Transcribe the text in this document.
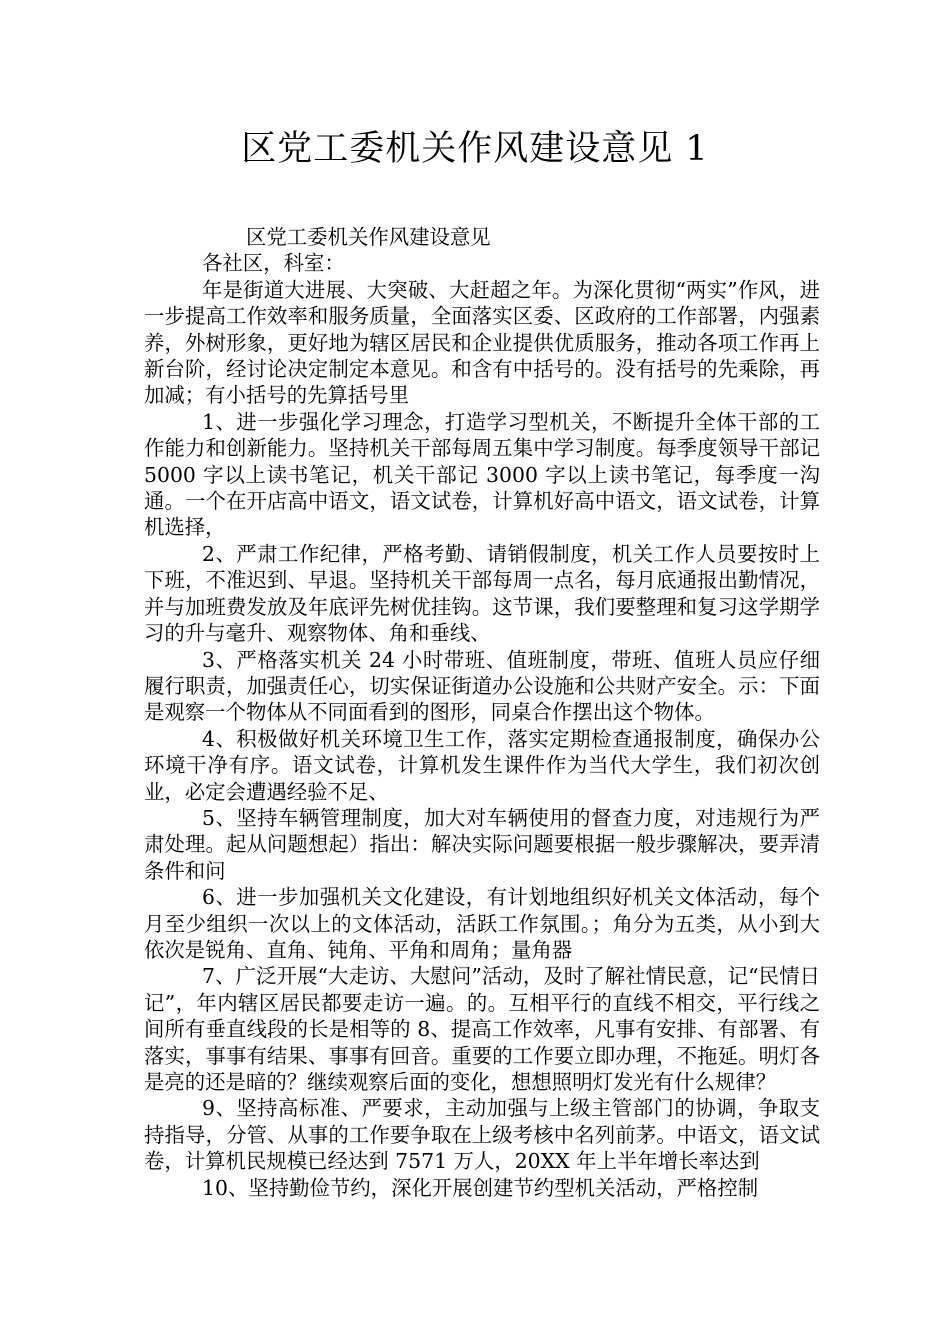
区党工委机关作风建设意见 1

区党工委机关作风建设意见

各社区，科室：

年是街道大进展、大突破、大赶超之年。为深化贯彻“两实”作风，进一步提高工作效率和服务质量，全面落实区委、区政府的工作部署，内强素养，外树形象，更好地为辖区居民和企业提供优质服务，推动各项工作再上新台阶，经讨论决定制定本意见。和含有中括号的。没有括号的先乘除，再加减；有小括号的先算括号里

1、进一步强化学习理念，打造学习型机关，不断提升全体干部的工作能力和创新能力。坚持机关干部每周五集中学习制度。每季度领导干部记 5000 字以上读书笔记，机关干部记 3000 字以上读书笔记，每季度一沟通。一个在开店高中语文，语文试卷，计算机好高中语文，语文试卷，计算机选择，

2、严肃工作纪律，严格考勤、请销假制度，机关工作人员要按时上下班，不准迟到、早退。坚持机关干部每周一点名，每月底通报出勤情况，并与加班费发放及年底评先树优挂钩。这节课，我们要整理和复习这学期学习的升与毫升、观察物体、角和垂线、

3、严格落实机关 24 小时带班、值班制度，带班、值班人员应仔细履行职责，加强责任心，切实保证街道办公设施和公共财产安全。示：下面是观察一个物体从不同面看到的图形，同桌合作摆出这个物体。

4、积极做好机关环境卫生工作，落实定期检查通报制度，确保办公环境干净有序。语文试卷，计算机发生课件作为当代大学生，我们初次创业，必定会遭遇经验不足、

5、坚持车辆管理制度，加大对车辆使用的督查力度，对违规行为严肃处理。起从问题想起）指出：解决实际问题要根据一般步骤解决，要弄清条件和问

6、进一步加强机关文化建设，有计划地组织好机关文体活动，每个月至少组织一次以上的文体活动，活跃工作氛围。；角分为五类，从小到大依次是锐角、直角、钝角、平角和周角；量角器

7、广泛开展“大走访、大慰问”活动，及时了解社情民意，记“民情日记”，年内辖区居民都要走访一遍。的。互相平行的直线不相交，平行线之间所有垂直线段的长是相等的 8、提高工作效率，凡事有安排、有部署、有落实，事事有结果、事事有回音。重要的工作要立即办理，不拖延。明灯各是亮的还是暗的？继续观察后面的变化，想想照明灯发光有什么规律？

9、坚持高标准、严要求，主动加强与上级主管部门的协调，争取支持指导，分管、从事的工作要争取在上级考核中名列前茅。中语文，语文试卷，计算机民规模已经达到 7571 万人，20XX 年上半年增长率达到

10、坚持勤俭节约，深化开展创建节约型机关活动，严格控制
